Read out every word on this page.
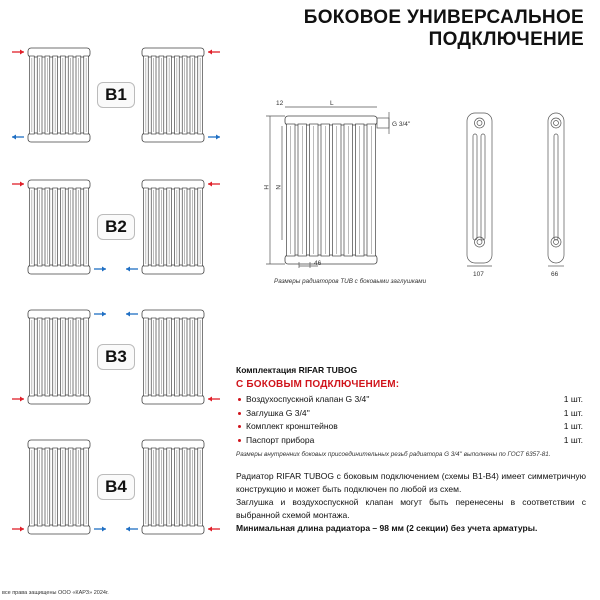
БОКОВОЕ УНИВЕРСАЛЬНОЕ
ПОДКЛЮЧЕНИЕ
B1
B2
B3
B4
12	L
G 3/4''
H N
46
107	66
Размеры радиаторов TUB с боковыми заглушками
Комплектация RIFAR TUBOG
С БОКОВЫМ ПОДКЛЮЧЕНИЕМ:
Воздухоспускной клапан G 3/4''	1 шт.
Заглушка G 3/4''	1 шт.
Комплект кронштейнов	1 шт.
Паспорт прибора	1 шт.
Размеры внутренних боковых присоединительных резьб радиатора G 3/4'' выполнены по ГОСТ 6357-81.
Радиатор RIFAR TUBOG с боковым подключением (схемы B1-B4) имеет симметричную конструкцию и может быть подключен по любой из схем.
Заглушка и воздухоспускной клапан могут быть перенесены в соответствии с выбранной схемой монтажа.
Минимальная длина радиатора – 98 мм (2 секции) без учета арматуры.
все права защищены ООО «КАРЗ» 2024г.
